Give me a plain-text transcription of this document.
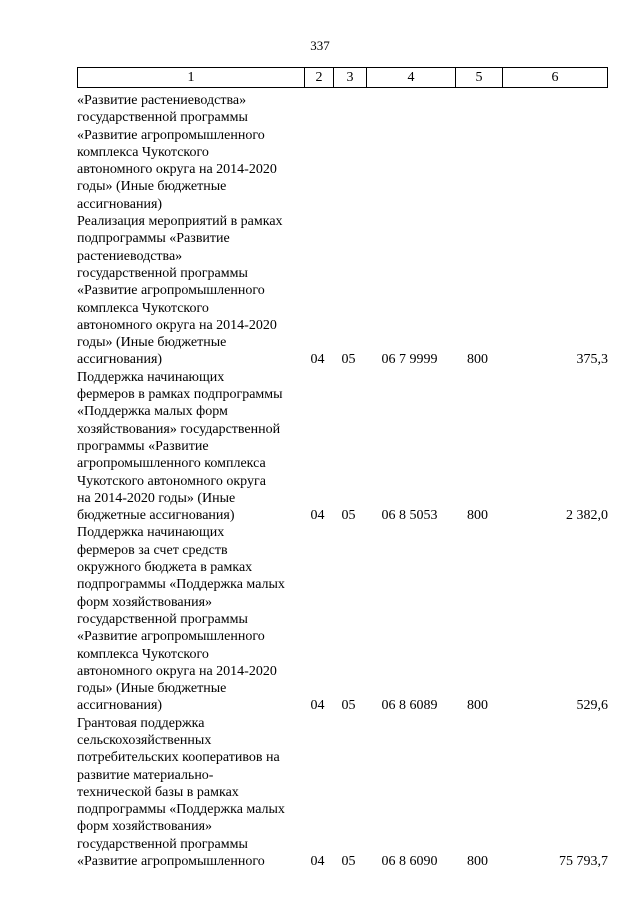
337
1	2	3	4	5	6
«Развитие растениеводства»
государственной программы
«Развитие агропромышленного
комплекса Чукотского
автономного округа на 2014-2020
годы» (Иные бюджетные
ассигнования)
Реализация мероприятий в рамках
подпрограммы «Развитие
растениеводства»
государственной программы
«Развитие агропромышленного
комплекса Чукотского
автономного округа на 2014-2020
годы» (Иные бюджетные
ассигнования)	04	05	06 7 9999	800	375,3
Поддержка начинающих
фермеров в рамках подпрограммы
«Поддержка малых форм
хозяйствования» государственной
программы «Развитие
агропромышленного комплекса
Чукотского автономного округа
на 2014-2020 годы» (Иные
бюджетные ассигнования)	04	05	06 8 5053	800	2 382,0
Поддержка начинающих
фермеров за счет средств
окружного бюджета в рамках
подпрограммы «Поддержка малых
форм хозяйствования»
государственной программы
«Развитие агропромышленного
комплекса Чукотского
автономного округа на 2014-2020
годы» (Иные бюджетные
ассигнования)	04	05	06 8 6089	800	529,6
Грантовая поддержка
сельскохозяйственных
потребительских кооперативов на
развитие материально-
технической базы в рамках
подпрограммы «Поддержка малых
форм хозяйствования»
государственной программы
«Развитие агропромышленного	04	05	06 8 6090	800	75 793,7
